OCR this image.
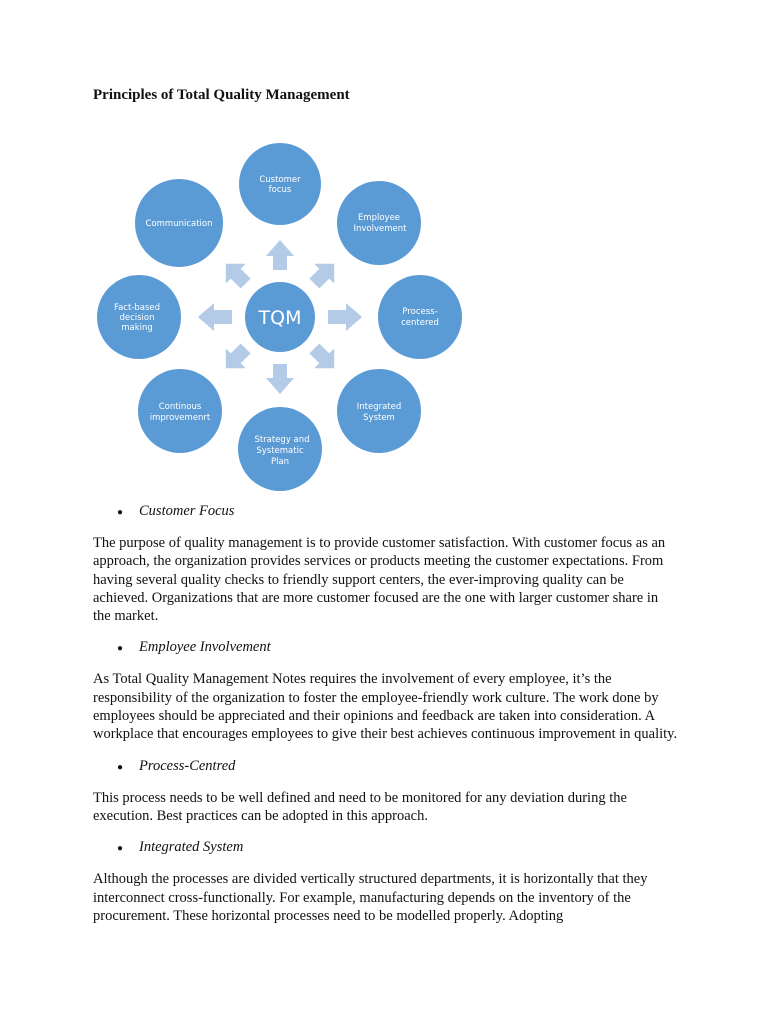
Principles of Total Quality Management
TQM
Customer
focus
Employee
Involvement
Process-
centered
Integrated
System
Strategy and
Systematic
Plan
Continous
improvemenrt
Fact-based
decision
making
Communication
●	Customer Focus

The purpose of quality management is to provide customer satisfaction. With customer focus as an approach, the organization provides services or products meeting the customer expectations. From having several quality checks to friendly support centers, the ever-improving quality can be achieved. Organizations that are more customer focused are the one with larger customer share in the market.

●	Employee Involvement

As Total Quality Management Notes requires the involvement of every employee, it’s the responsibility of the organization to foster the employee-friendly work culture. The work done by employees should be appreciated and their opinions and feedback are taken into consideration. A workplace that encourages employees to give their best achieves continuous improvement in quality.

●	Process-Centred

This process needs to be well defined and need to be monitored for any deviation during the execution. Best practices can be adopted in this approach.

●	Integrated System

Although the processes are divided vertically structured departments, it is horizontally that they interconnect cross-functionally. For example, manufacturing depends on the inventory of the procurement. These horizontal processes need to be modelled properly. Adopting
